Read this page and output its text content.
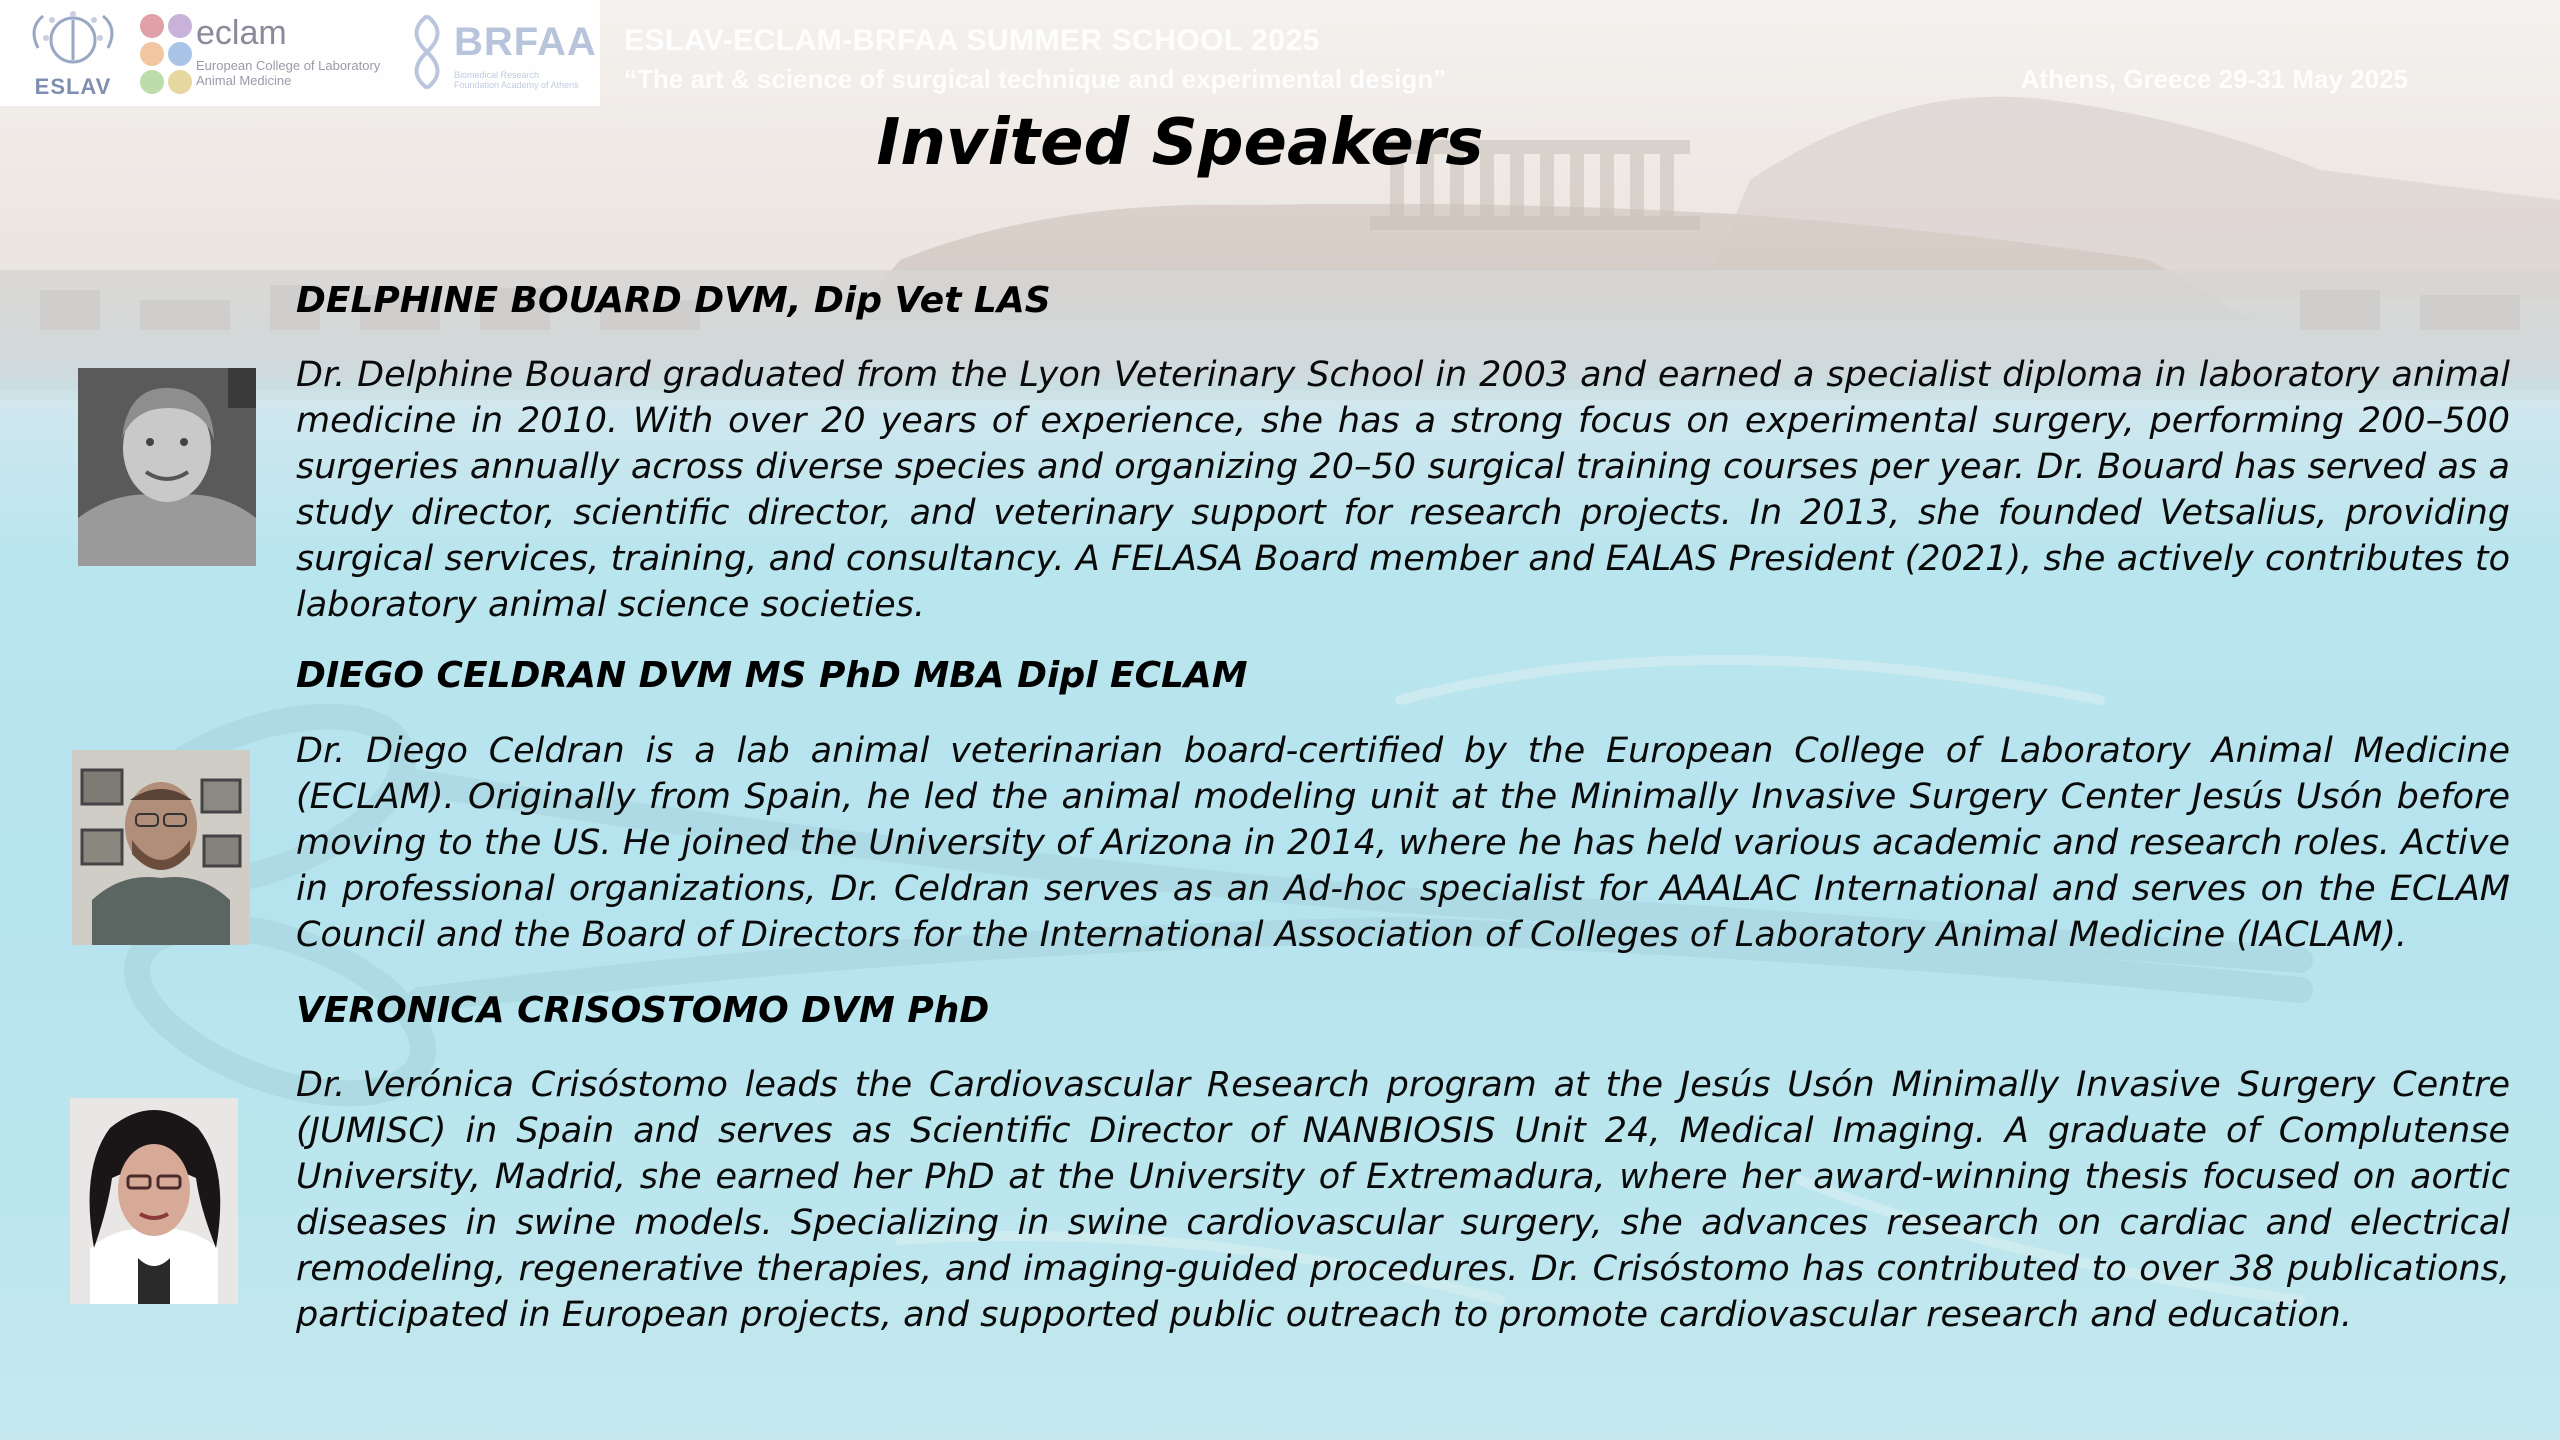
ESLAV
eclam
European College of Laboratory Animal Medicine
BRFAA
Biomedical Research Foundation Academy of Athens
ESLAV-ECLAM-BRFAA SUMMER SCHOOL 2025
“The art & science of surgical technique and experimental design”	Athens, Greece 29-31 May 2025
Invited Speakers
DELPHINE BOUARD DVM, Dip Vet LAS
Dr. Delphine Bouard graduated from the Lyon Veterinary School in 2003 and earned a specialist diploma in laboratory animal medicine in 2010. With over 20 years of experience, she has a strong focus on experimental surgery, performing 200–500 surgeries annually across diverse species and organizing 20–50 surgical training courses per year. Dr. Bouard has served as a study director, scientific director, and veterinary support for research projects. In 2013, she founded Vetsalius, providing surgical services, training, and consultancy. A FELASA Board member and EALAS President (2021), she actively contributes to laboratory animal science societies.
DIEGO CELDRAN DVM MS PhD MBA Dipl ECLAM
Dr. Diego Celdran is a lab animal veterinarian board-certified by the European College of Laboratory Animal Medicine (ECLAM). Originally from Spain, he led the animal modeling unit at the Minimally Invasive Surgery Center Jesús Usón before moving to the US. He joined the University of Arizona in 2014, where he has held various academic and research roles. Active in professional organizations, Dr. Celdran serves as an Ad-hoc specialist for AAALAC International and serves on the ECLAM Council and the Board of Directors for the International Association of Colleges of Laboratory Animal Medicine (IACLAM).
VERONICA CRISOSTOMO DVM PhD
Dr. Verónica Crisóstomo leads the Cardiovascular Research program at the Jesús Usón Minimally Invasive Surgery Centre (JUMISC) in Spain and serves as Scientific Director of NANBIOSIS Unit 24, Medical Imaging. A graduate of Complutense University, Madrid, she earned her PhD at the University of Extremadura, where her award-winning thesis focused on aortic diseases in swine models. Specializing in swine cardiovascular surgery, she advances research on cardiac and electrical remodeling, regenerative therapies, and imaging-guided procedures. Dr. Crisóstomo has contributed to over 38 publications, participated in European projects, and supported public outreach to promote cardiovascular research and education.
